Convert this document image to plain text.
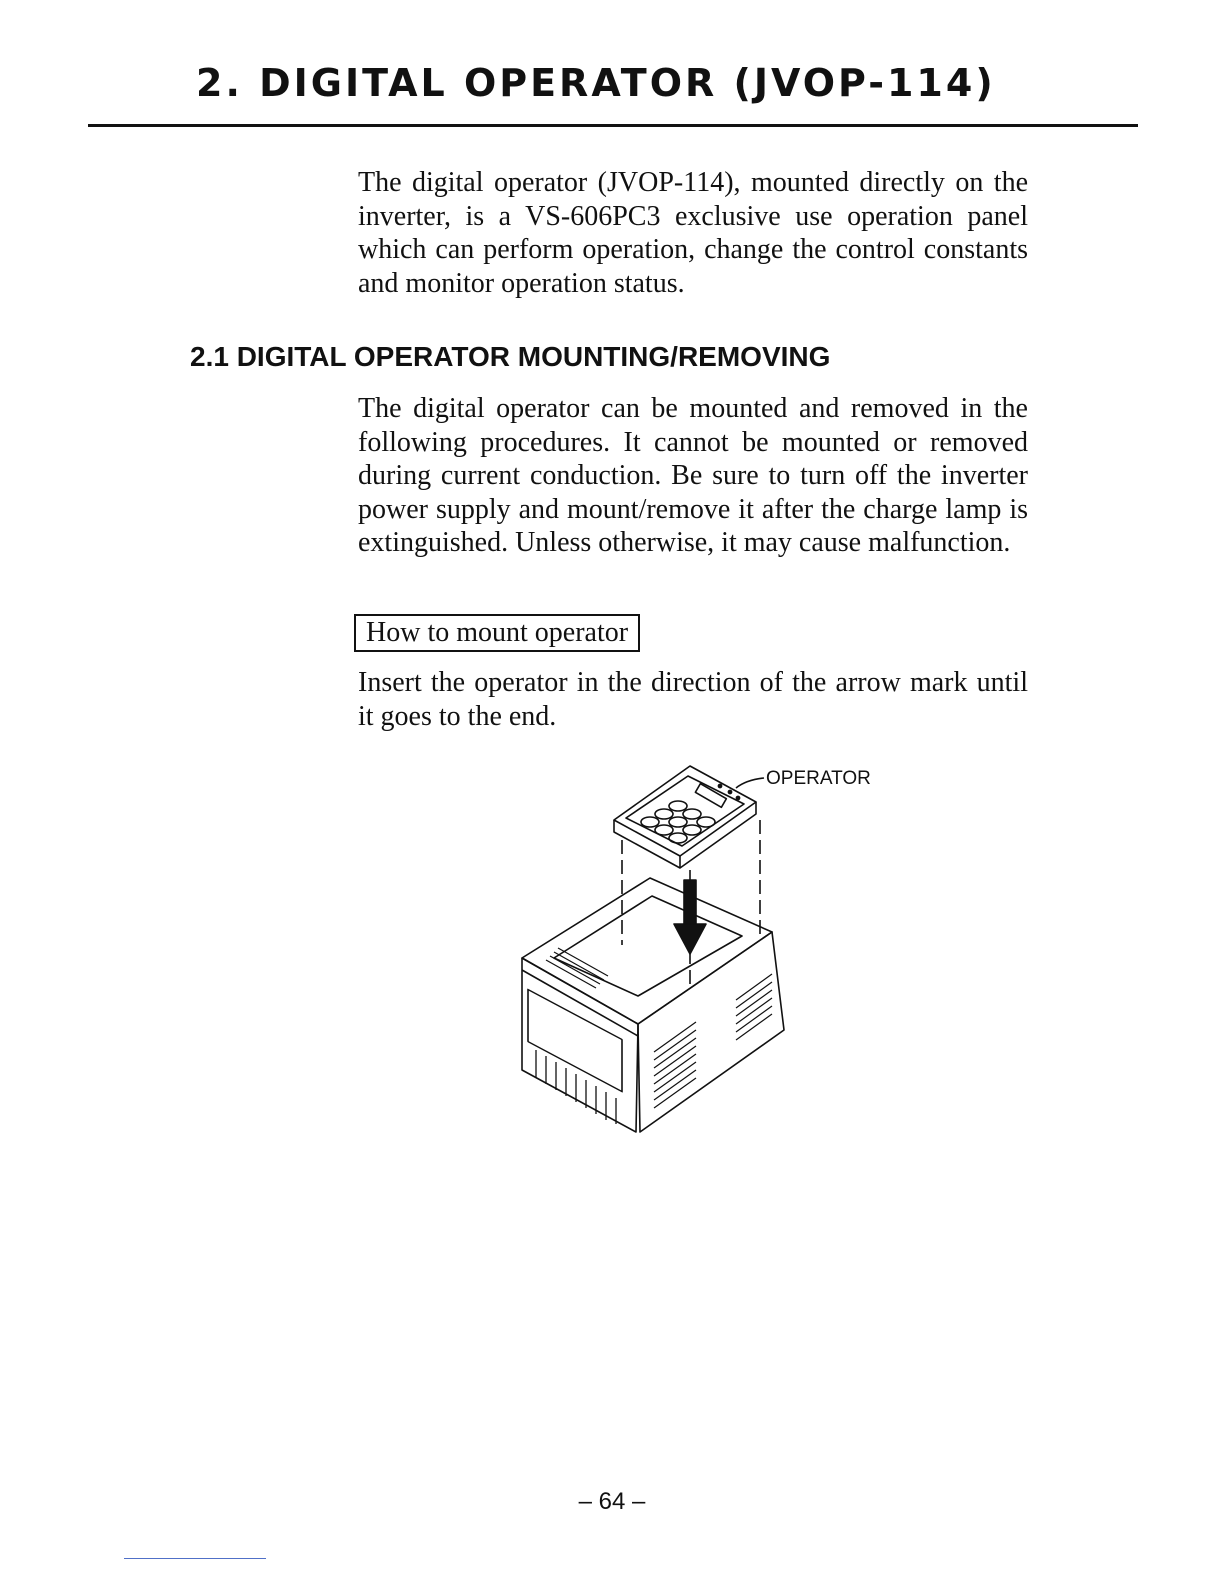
2. DIGITAL OPERATOR (JVOP-114)

The digital operator (JVOP-114), mounted directly on the inverter, is a VS-606PC3 exclusive use operation panel which can perform operation, change the control constants and monitor operation status.

2.1 DIGITAL OPERATOR MOUNTING/REMOVING

The digital operator can be mounted and removed in the following procedures. It cannot be mounted or removed during current conduction. Be sure to turn off the inverter power supply and mount/remove it after the charge lamp is extinguished. Unless otherwise, it may cause malfunction.

How to mount operator

Insert the operator in the direction of the arrow mark until it goes to the end.

OPERATOR
– 64 –
